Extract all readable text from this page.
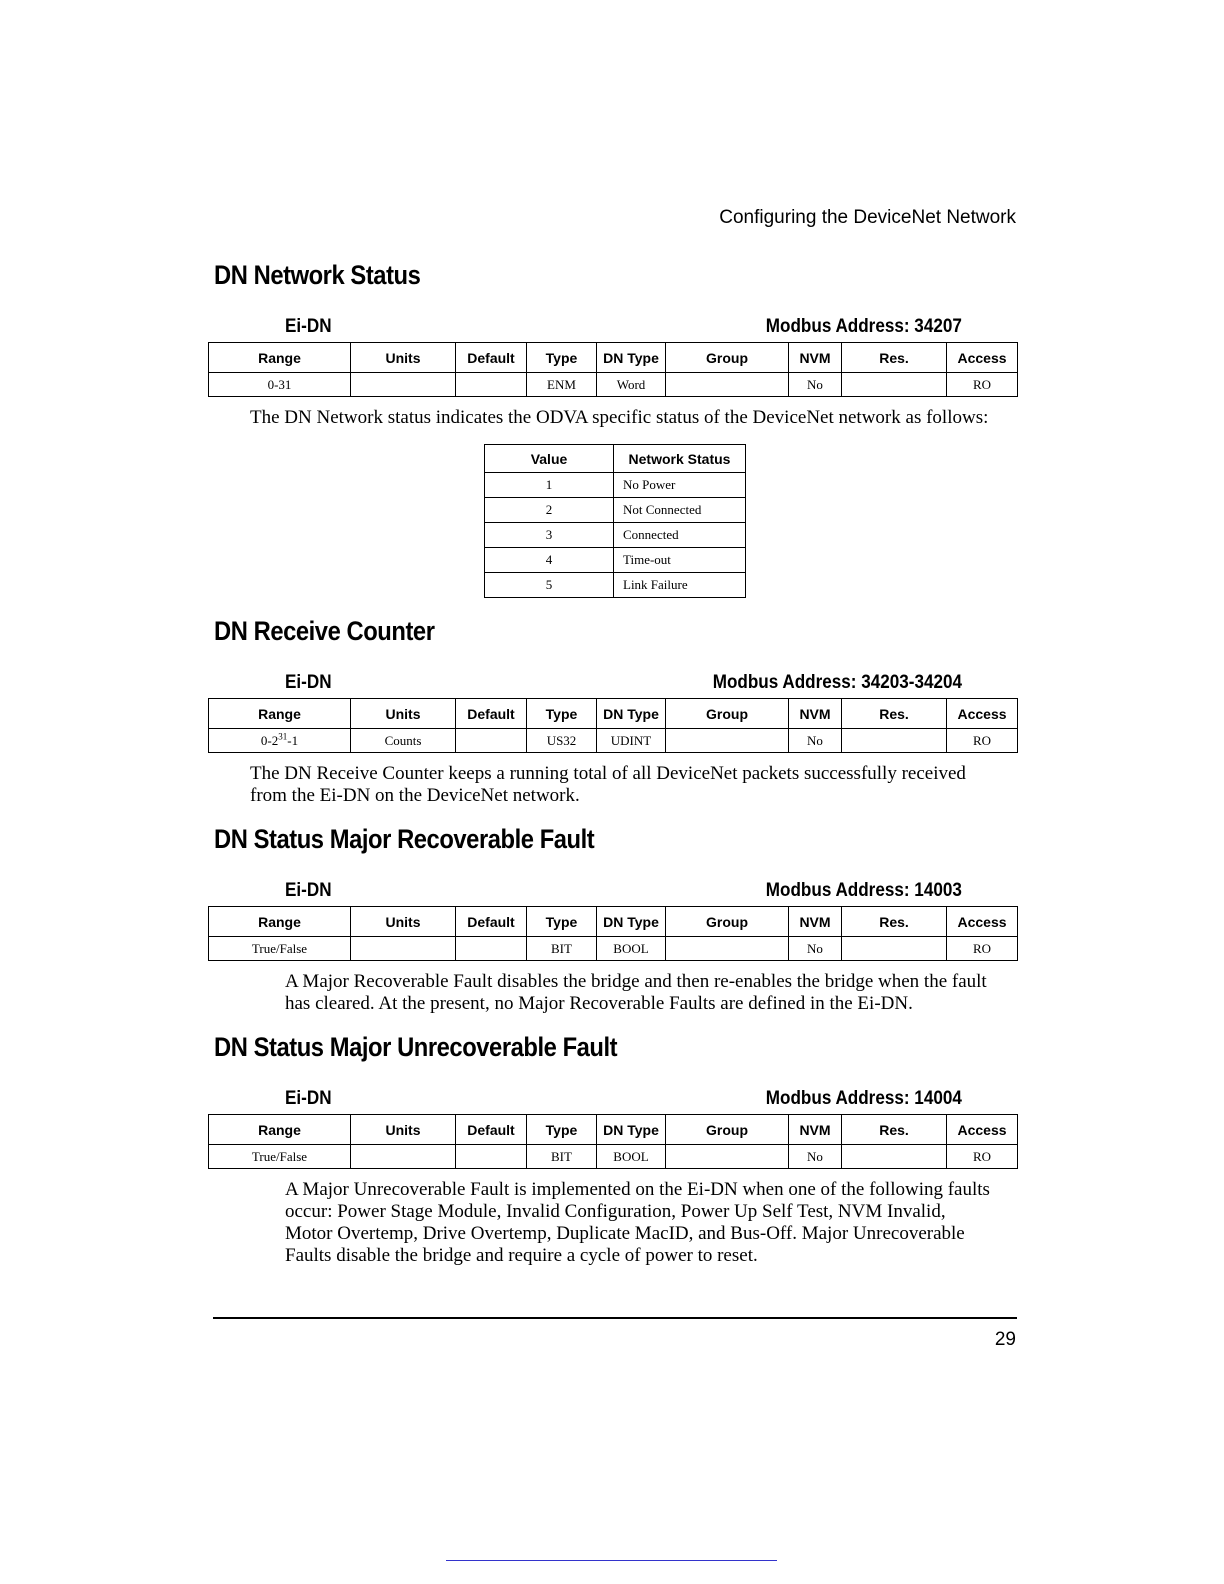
Configuring the DeviceNet Network
DN Network Status
Ei-DN	Modbus Address: 34207
Range	Units	Default	Type	DN Type	Group	NVM	Res.	Access
0-31			ENM	Word		No		RO

The DN Network status indicates the ODVA specific status of the DeviceNet network as follows:

Value	Network Status
1	No Power
2	Not Connected
3	Connected
4	Time-out
5	Link Failure
DN Receive Counter
Ei-DN	Modbus Address: 34203-34204
Range	Units	Default	Type	DN Type	Group	NVM	Res.	Access
$0-2^{31}-1$	Counts		US32	UDINT		No		RO

The DN Receive Counter keeps a running total of all DeviceNet packets successfully received
from the Ei-DN on the DeviceNet network.

DN Status Major Recoverable Fault
Ei-DN	Modbus Address: 14003
Range	Units	Default	Type	DN Type	Group	NVM	Res.	Access
True/False			BIT	BOOL		No		RO

A Major Recoverable Fault disables the bridge and then re-enables the bridge when the fault
has cleared. At the present, no Major Recoverable Faults are defined in the Ei-DN.

DN Status Major Unrecoverable Fault
Ei-DN	Modbus Address: 14004
Range	Units	Default	Type	DN Type	Group	NVM	Res.	Access
True/False			BIT	BOOL		No		RO

A Major Unrecoverable Fault is implemented on the Ei-DN when one of the following faults
occur: Power Stage Module, Invalid Configuration, Power Up Self Test, NVM Invalid,
Motor Overtemp, Drive Overtemp, Duplicate MacID, and Bus-Off. Major Unrecoverable
Faults disable the bridge and require a cycle of power to reset.

29
